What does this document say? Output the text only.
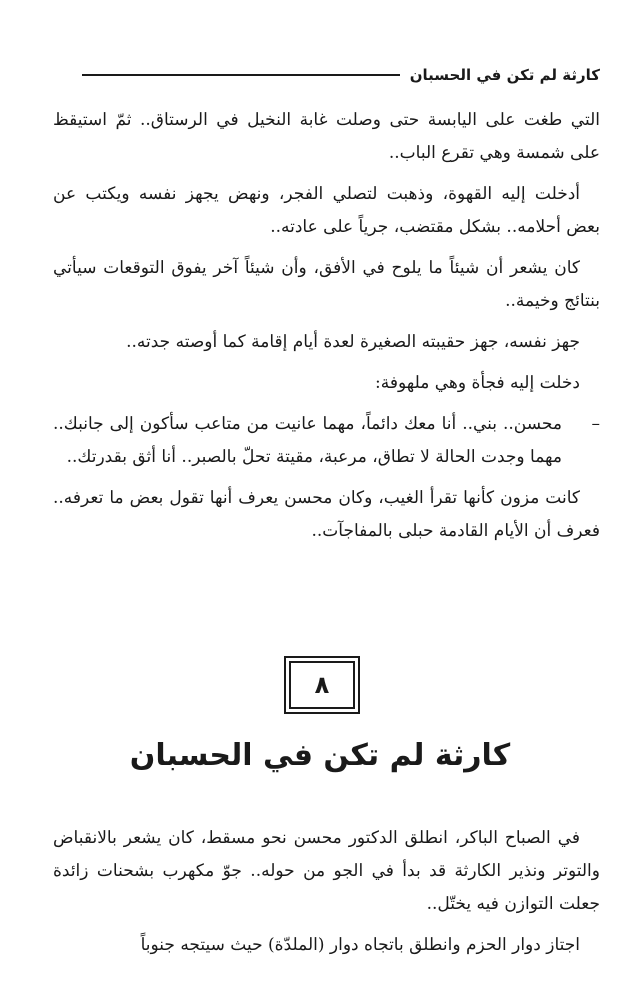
كارثة لم تكن في الحسبان

التي طغت على اليابسة حتى وصلت غابة النخيل في الرستاق.. ثمّ استيقظ على شمسة وهي تقرع الباب..

أدخلت إليه القهوة، وذهبت لتصلي الفجر، ونهض يجهز نفسه ويكتب عن بعض أحلامه.. بشكل مقتضب، جرياً على عادته..

كان يشعر أن شيئاً ما يلوح في الأفق، وأن شيئاً آخر يفوق التوقعات سيأتي بنتائج وخيمة..

جهز نفسه، جهز حقيبته الصغيرة لعدة أيام إقامة كما أوصته جدته..

دخلت إليه فجأة وهي ملهوفة:

–
محسن.. بني.. أنا معك دائماً، مهما عانيت من متاعب سأكون إلى جانبك.. مهما وجدت الحالة لا تطاق، مرعبة، مقيتة تحلّ بالصبر.. أنا أثق بقدرتك..

كانت مزون كأنها تقرأ الغيب، وكان محسن يعرف أنها تقول بعض ما تعرفه.. فعرف أن الأيام القادمة حبلى بالمفاجآت..

٨
كارثة لم تكن في الحسبان

في الصباح الباكر، انطلق الدكتور محسن نحو مسقط، كان يشعر بالانقباض والتوتر ونذير الكارثة قد بدأ في الجو من حوله.. جوّ مكهرب بشحنات زائدة جعلت التوازن فيه يختّل..

اجتاز دوار الحزم وانطلق باتجاه دوار (الملدّة) حيث سيتجه جنوباً
